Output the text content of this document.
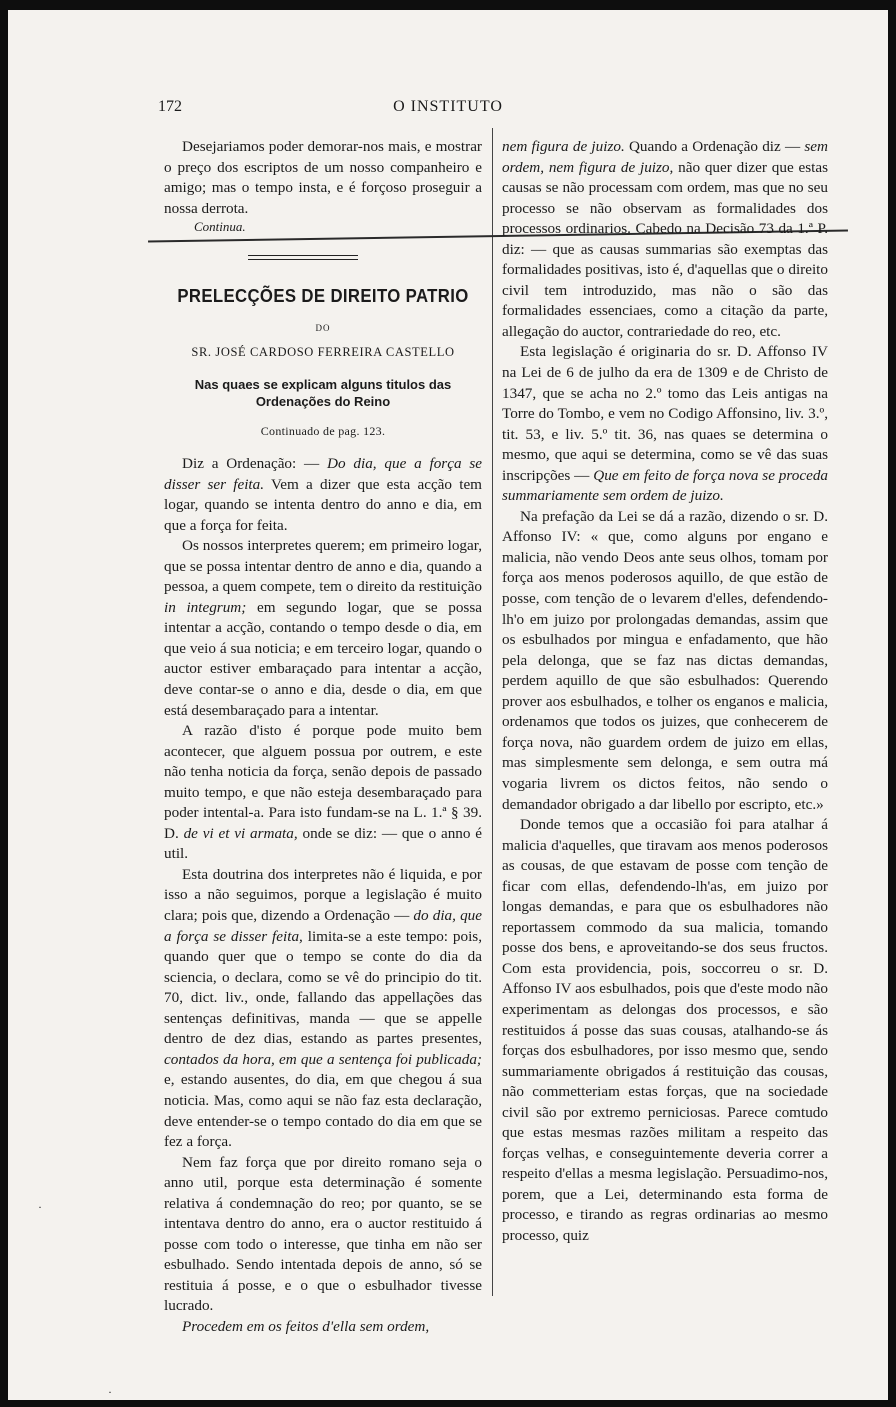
172	O INSTITUTO

Desejariamos poder demorar-nos mais, e mostrar o preço dos escriptos de um nosso companheiro e amigo; mas o tempo insta, e é forçoso proseguir a nossa derrota.

Continua.
PRELECÇÕES DE DIREITO PATRIO
DO
SR. JOSÉ CARDOSO FERREIRA CASTELLO
Nas quaes se explicam alguns titulos das Ordenações do Reino
Continuado de pag. 123.

Diz a Ordenação: — Do dia, que a força se disser ser feita. Vem a dizer que esta acção tem logar, quando se intenta dentro do anno e dia, em que a força for feita.

Os nossos interpretes querem; em primeiro logar, que se possa intentar dentro de anno e dia, quando a pessoa, a quem compete, tem o direito da restituição in integrum; em segundo logar, que se possa intentar a acção, contando o tempo desde o dia, em que veio á sua noticia; e em terceiro logar, quando o auctor estiver embaraçado para intentar a acção, deve contar-se o anno e dia, desde o dia, em que está desembaraçado para a intentar.

A razão d'isto é porque pode muito bem acontecer, que alguem possua por outrem, e este não tenha noticia da força, senão depois de passado muito tempo, e que não esteja desembaraçado para poder intental-a. Para isto fundam-se na L. 1.ª § 39. D. de vi et vi armata, onde se diz: — que o anno é util.

Esta doutrina dos interpretes não é liquida, e por isso a não seguimos, porque a legislação é muito clara; pois que, dizendo a Ordenação — do dia, que a força se disser feita, limita-se a este tempo: pois, quando quer que o tempo se conte do dia da sciencia, o declara, como se vê do principio do tit. 70, dict. liv., onde, fallando das appellações das sentenças definitivas, manda — que se appelle dentro de dez dias, estando as partes presentes, contados da hora, em que a sentença foi publicada; e, estando ausentes, do dia, em que chegou á sua noticia. Mas, como aqui se não faz esta declaração, deve entender-se o tempo contado do dia em que se fez a força.

Nem faz força que por direito romano seja o anno util, porque esta determinação é somente relativa á condemnação do reo; por quanto, se se intentava dentro do anno, era o auctor restituido á posse com todo o interesse, que tinha em não ser esbulhado. Sendo intentada depois de anno, só se restituia á posse, e o que o esbulhador tivesse lucrado.

Procedem em os feitos d'ella sem ordem,

nem figura de juizo. Quando a Ordenação diz — sem ordem, nem figura de juizo, não quer dizer que estas causas se não processam com ordem, mas que no seu processo se não observam as formalidades dos processos ordinarios. Cabedo na Decisão 73 da 1.ª P. diz: — que as causas summarias são exemptas das formalidades positivas, isto é, d'aquellas que o direito civil tem introduzido, mas não o são das formalidades essenciaes, como a citação da parte, allegação do auctor, contrariedade do reo, etc.

Esta legislação é originaria do sr. D. Affonso IV na Lei de 6 de julho da era de 1309 e de Christo de 1347, que se acha no 2.º tomo das Leis antigas na Torre do Tombo, e vem no Codigo Affonsino, liv. 3.º, tit. 53, e liv. 5.º tit. 36, nas quaes se determina o mesmo, que aqui se determina, como se vê das suas inscripções — Que em feito de força nova se proceda summariamente sem ordem de juizo.

Na prefação da Lei se dá a razão, dizendo o sr. D. Affonso IV: « que, como alguns por engano e malicia, não vendo Deos ante seus olhos, tomam por força aos menos poderosos aquillo, de que estão de posse, com tenção de o levarem d'elles, defendendo-lh'o em juizo por prolongadas demandas, assim que os esbulhados por mingua e enfadamento, que hão pela delonga, que se faz nas dictas demandas, perdem aquillo de que são esbulhados: Querendo prover aos esbulhados, e tolher os enganos e malicia, ordenamos que todos os juizes, que conhecerem de força nova, não guardem ordem de juizo em ellas, mas simplesmente sem delonga, e sem outra má vogaria livrem os dictos feitos, não sendo o demandador obrigado a dar libello por escripto, etc.»

Donde temos que a occasião foi para atalhar á malicia d'aquelles, que tiravam aos menos poderosos as cousas, de que estavam de posse com tenção de ficar com ellas, defendendo-lh'as, em juizo por longas demandas, e para que os esbulhadores não reportassem commodo da sua malicia, tomando posse dos bens, e aproveitando-se dos seus fructos. Com esta providencia, pois, soccorreu o sr. D. Affonso IV aos esbulhados, pois que d'este modo não experimentam as delongas dos processos, e são restituidos á posse das suas cousas, atalhando-se ás forças dos esbulhadores, por isso mesmo que, sendo summariamente obrigados á restituição das cousas, não commetteriam estas forças, que na sociedade civil são por extremo perniciosas. Parece comtudo que estas mesmas razões militam a respeito das forças velhas, e conseguintemente deveria correr a respeito d'ellas a mesma legislação. Persuadimo-nos, porem, que a Lei, determinando esta forma de processo, e tirando as regras ordinarias ao mesmo processo, quiz

·
·
